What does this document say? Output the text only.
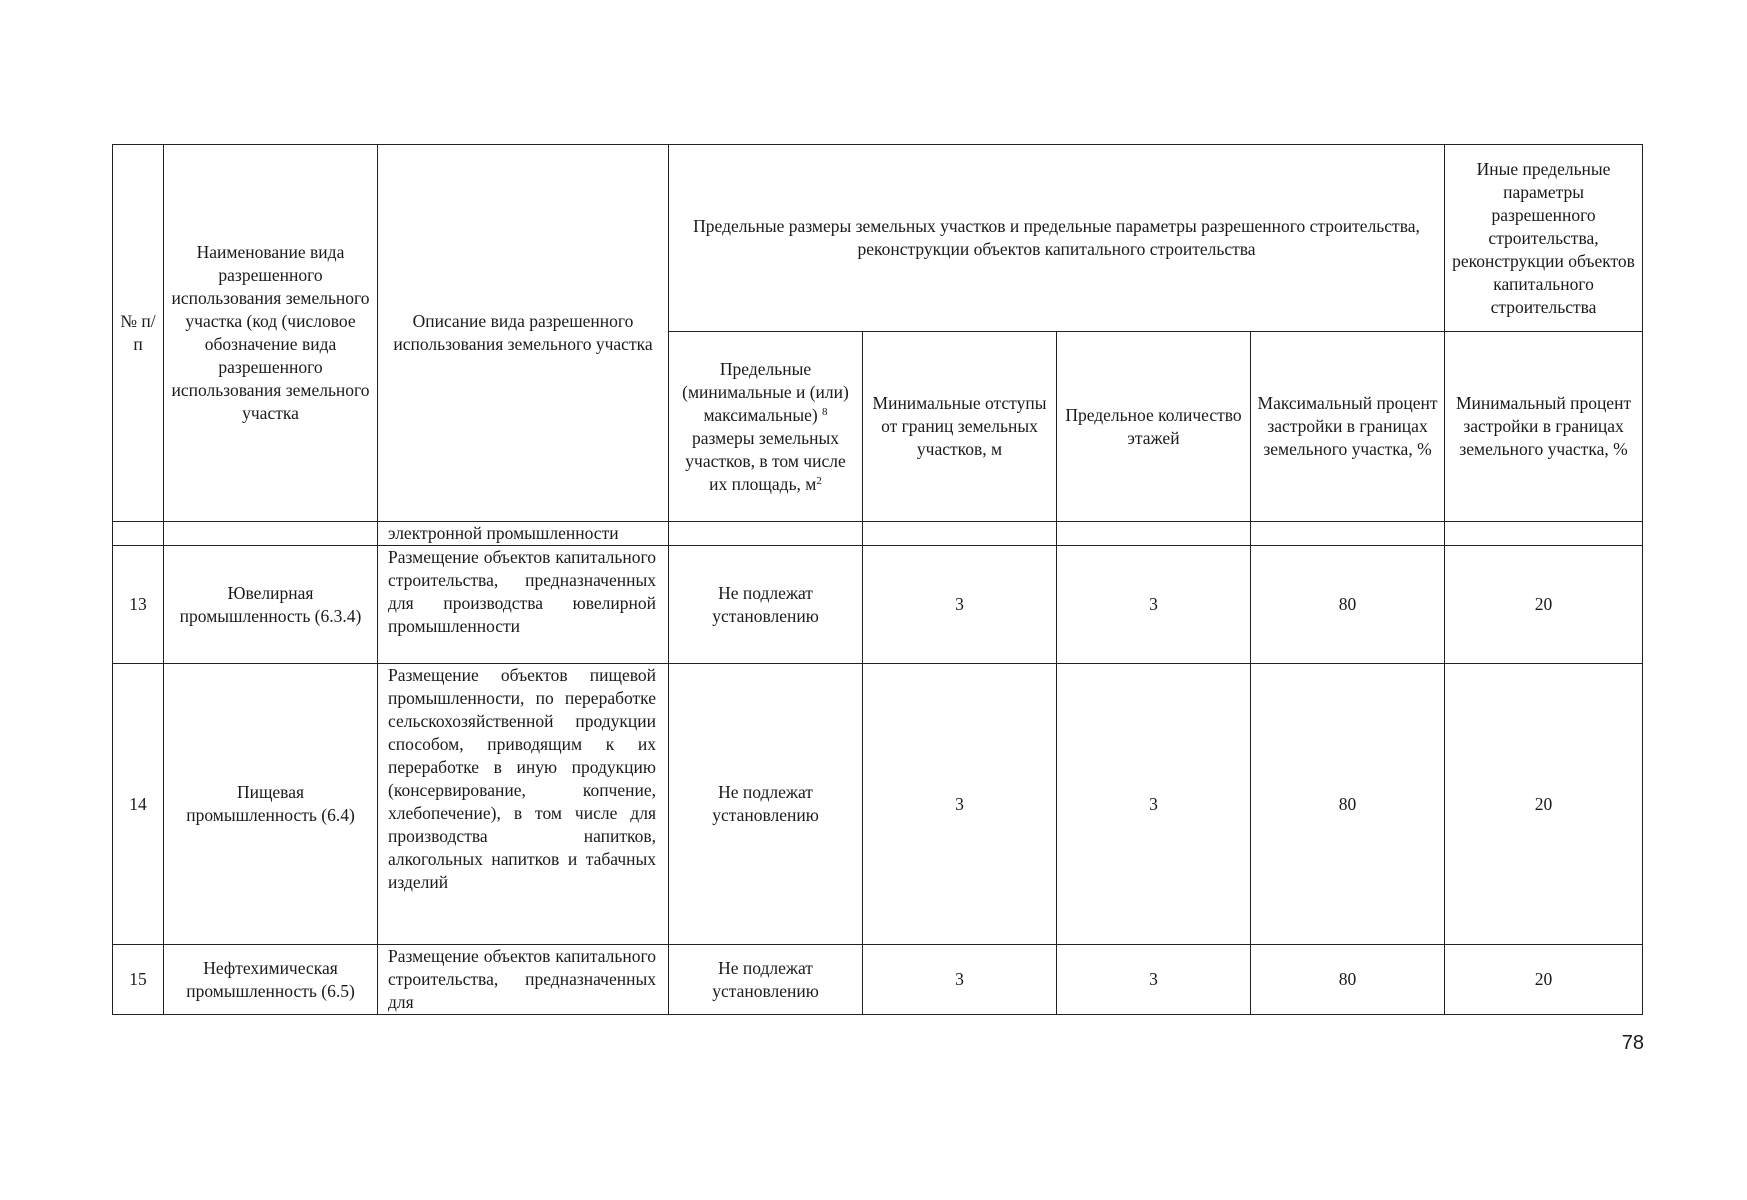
№ п/п	Наименование вида разрешенного использования земельного участка (код (числовое обозначение вида разрешенного использования земельного участка	Описание вида разрешенного использования земельного участка	Предельные размеры земельных участков и предельные параметры разрешенного строительства, реконструкции объектов капитального строительства				Иные предельные параметры разрешенного строительства, реконструкции объектов капитального строительства
			Предельные (минимальные и (или) максимальные) $^8$ размеры земельных участков, в том числе их площадь, $м^2$	Минимальные отступы от границ земельных участков, м	Предельное количество этажей	Максимальный процент застройки в границах земельного участка, %	Минимальный процент застройки в границах земельного участка, %
		электронной промышленности					
13	Ювелирная промышленность (6.3.4)	Размещение объектов капитального строительства, предназначенных для производства ювелирной промышленности	Не подлежат установлению	3	3	80	20
14	Пищевая промышленность (6.4)	Размещение объектов пищевой промышленности, по переработке сельскохозяйственной продукции способом, приводящим к их переработке в иную продукцию (консервирование, копчение, хлебопечение), в том числе для производства напитков, алкогольных напитков и табачных изделий	Не подлежат установлению	3	3	80	20
15	Нефтехимическая промышленность (6.5)	Размещение объектов капитального строительства, предназначенных для	Не подлежат установлению	3	3	80	20
78
